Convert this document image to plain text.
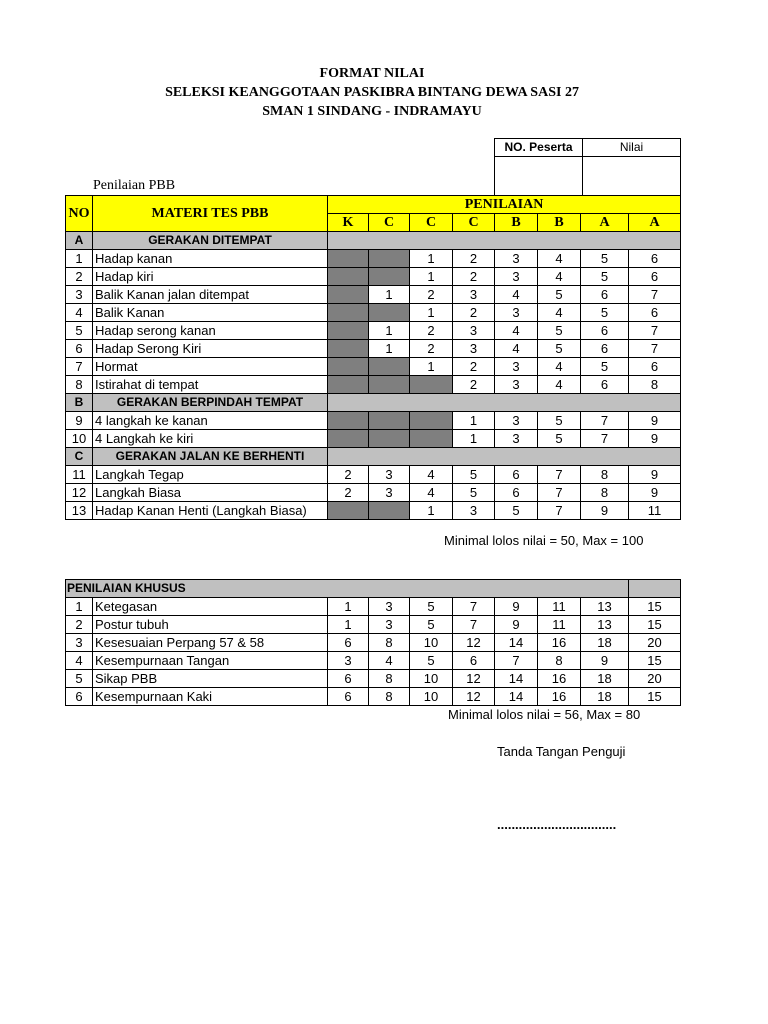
FORMAT NILAI
SELEKSI KEANGGOTAAN PASKIBRA BINTANG DEWA SASI 27
SMAN 1 SINDANG - INDRAMAYU
NO. Peserta	Nilai

Penilaian PBB
NO	MATERI TES PBB	PENILAIAN							
		K	C	C	C	B	B	A	A
A	GERAKAN DITEMPAT								
1	Hadap kanan			1	2	3	4	5	6
2	Hadap kiri			1	2	3	4	5	6
3	Balik Kanan jalan ditempat		1	2	3	4	5	6	7
4	Balik Kanan			1	2	3	4	5	6
5	Hadap serong kanan		1	2	3	4	5	6	7
6	Hadap Serong Kiri		1	2	3	4	5	6	7
7	Hormat			1	2	3	4	5	6
8	Istirahat di tempat				2	3	4	6	8
B	GERAKAN BERPINDAH TEMPAT								
9	4 langkah ke kanan				1	3	5	7	9
10	4 Langkah ke kiri				1	3	5	7	9
C	GERAKAN JALAN KE BERHENTI								
11	Langkah Tegap	2	3	4	5	6	7	8	9
12	Langkah Biasa	2	3	4	5	6	7	8	9
13	Hadap Kanan Henti (Langkah Biasa)			1	3	5	7	9	11
Minimal lolos nilai = 50, Max = 100
PENILAIAN KHUSUS									
1	Ketegasan	1	3	5	7	9	11	13	15
2	Postur tubuh	1	3	5	7	9	11	13	15
3	Kesesuaian Perpang 57 & 58	6	8	10	12	14	16	18	20
4	Kesempurnaan Tangan	3	4	5	6	7	8	9	15
5	Sikap PBB	6	8	10	12	14	16	18	20
6	Kesempurnaan Kaki	6	8	10	12	14	16	18	15
Minimal lolos nilai = 56, Max = 80
Tanda Tangan Penguji
.................................
